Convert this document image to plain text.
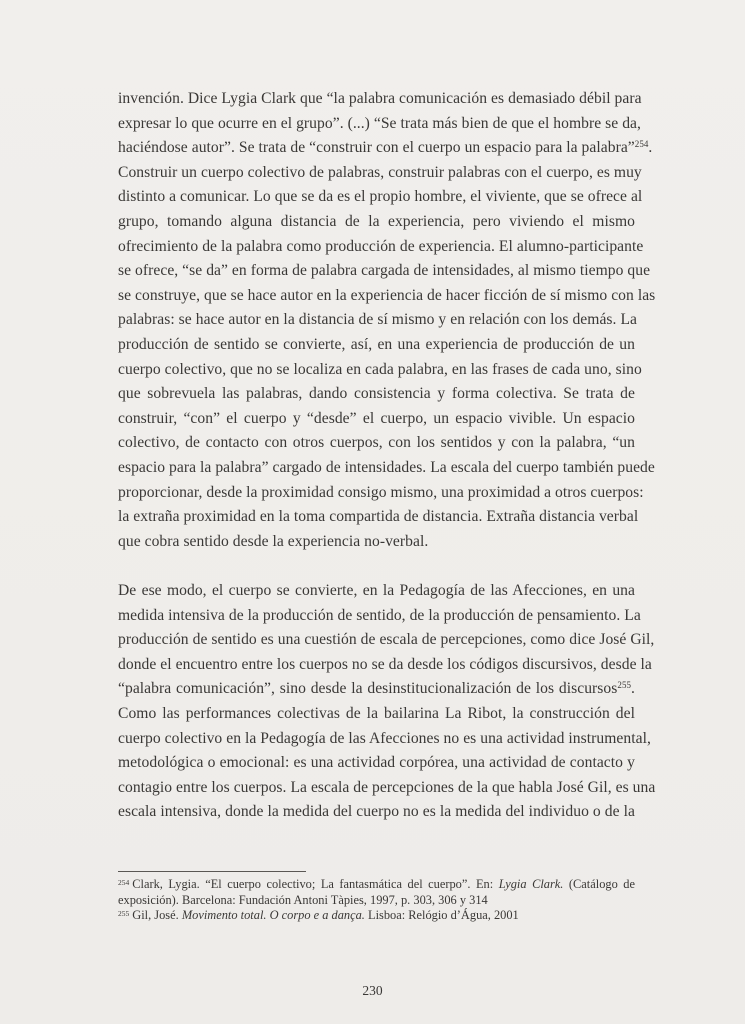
invención. Dice Lygia Clark que “la palabra comunicación es demasiado débil para
expresar lo que ocurre en el grupo”. (...) “Se trata más bien de que el hombre se da,
haciéndose autor”. Se trata de “construir con el cuerpo un espacio para la palabra”$^{254}$.
Construir un cuerpo colectivo de palabras, construir palabras con el cuerpo, es muy
distinto a comunicar. Lo que se da es el propio hombre, el viviente, que se ofrece al
grupo, tomando alguna distancia de la experiencia, pero viviendo el mismo
ofrecimiento de la palabra como producción de experiencia. El alumno-participante
se ofrece, “se da” en forma de palabra cargada de intensidades, al mismo tiempo que
se construye, que se hace autor en la experiencia de hacer ficción de sí mismo con las
palabras: se hace autor en la distancia de sí mismo y en relación con los demás. La
producción de sentido se convierte, así, en una experiencia de producción de un
cuerpo colectivo, que no se localiza en cada palabra, en las frases de cada uno, sino
que sobrevuela las palabras, dando consistencia y forma colectiva. Se trata de
construir, “con” el cuerpo y “desde” el cuerpo, un espacio vivible. Un espacio
colectivo, de contacto con otros cuerpos, con los sentidos y con la palabra, “un
espacio para la palabra” cargado de intensidades. La escala del cuerpo también puede
proporcionar, desde la proximidad consigo mismo, una proximidad a otros cuerpos:
la extraña proximidad en la toma compartida de distancia. Extraña distancia verbal
que cobra sentido desde la experiencia no-verbal.

De ese modo, el cuerpo se convierte, en la Pedagogía de las Afecciones, en una
medida intensiva de la producción de sentido, de la producción de pensamiento. La
producción de sentido es una cuestión de escala de percepciones, como dice José Gil,
donde el encuentro entre los cuerpos no se da desde los códigos discursivos, desde la
“palabra comunicación”, sino desde la desinstitucionalización de los discursos$^{255}$.
Como las performances colectivas de la bailarina La Ribot, la construcción del
cuerpo colectivo en la Pedagogía de las Afecciones no es una actividad instrumental,
metodológica o emocional: es una actividad corpórea, una actividad de contacto y
contagio entre los cuerpos. La escala de percepciones de la que habla José Gil, es una
escala intensiva, donde la medida del cuerpo no es la medida del individuo o de la

$^{254}$ Clark, Lygia. “El cuerpo colectivo; La fantasmática del cuerpo”. En: Lygia Clark. (Catálogo de
exposición). Barcelona: Fundación Antoni Tàpies, 1997, p. 303, 306 y 314
$^{255}$ Gil, José. Movimento total. O corpo e a dança. Lisboa: Relógio d’Água, 2001
230
